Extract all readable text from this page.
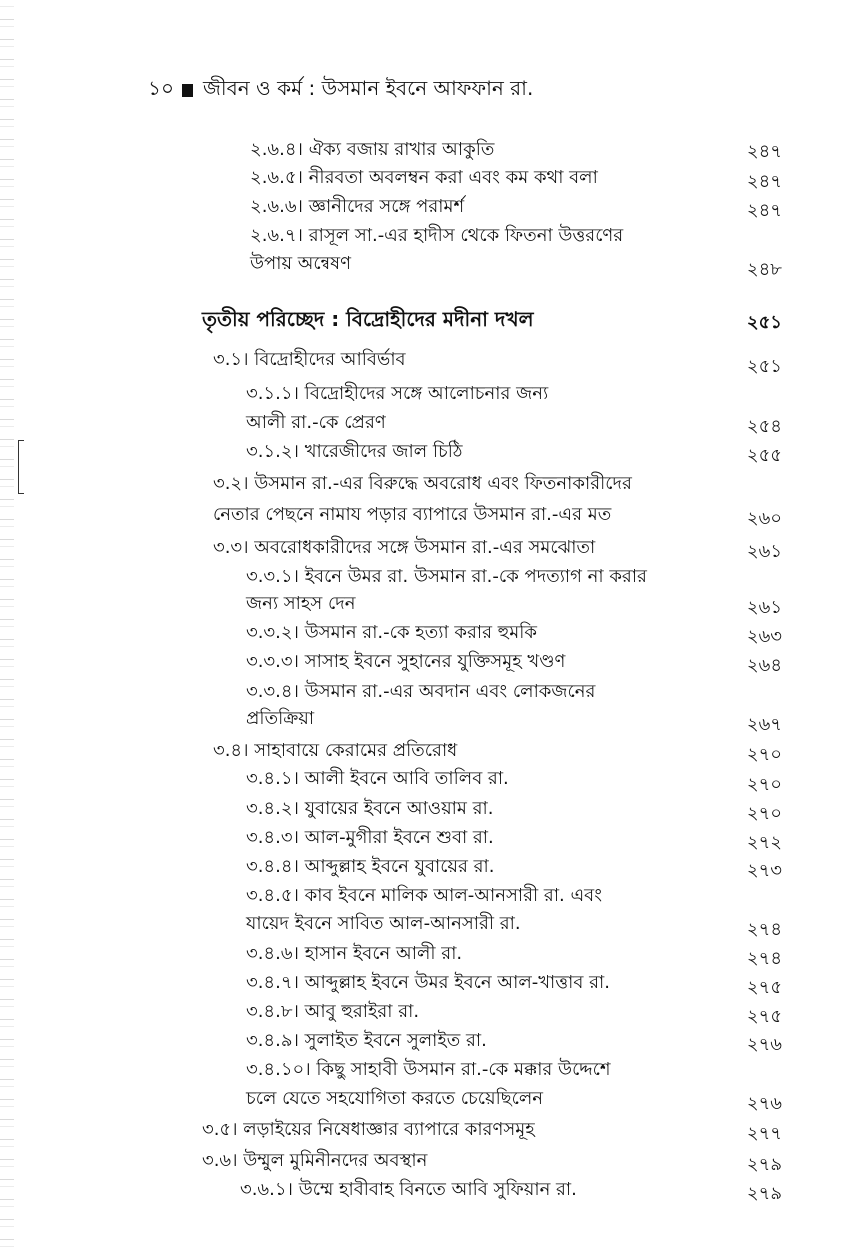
১০ জীবন ও কর্ম : উসমান ইবনে আফফান রা.
২.৬.৪। ঐক্য বজায় রাখার আকুতি	২৪৭
২.৬.৫। নীরবতা অবলম্বন করা এবং কম কথা বলা	২৪৭
২.৬.৬। জ্ঞানীদের সঙ্গে পরামর্শ	২৪৭
২.৬.৭। রাসূল সা.-এর হাদীস থেকে ফিতনা উত্তরণের
উপায় অন্বেষণ	২৪৮
তৃতীয় পরিচ্ছেদ : বিদ্রোহীদের মদীনা দখল	২৫১
৩.১। বিদ্রোহীদের আবির্ভাব	২৫১
৩.১.১। বিদ্রোহীদের সঙ্গে আলোচনার জন্য
আলী রা.-কে প্রেরণ	২৫৪
৩.১.২। খারেজীদের জাল চিঠি	২৫৫
৩.২। উসমান রা.-এর বিরুদ্ধে অবরোধ এবং ফিতনাকারীদের
নেতার পেছনে নামায পড়ার ব্যাপারে উসমান রা.-এর মত	২৬০
৩.৩। অবরোধকারীদের সঙ্গে উসমান রা.-এর সমঝোতা	২৬১
৩.৩.১। ইবনে উমর রা. উসমান রা.-কে পদত্যাগ না করার
জন্য সাহস দেন	২৬১
৩.৩.২। উসমান রা.-কে হত্যা করার হুমকি	২৬৩
৩.৩.৩। সাসাহ ইবনে সুহানের যুক্তিসমূহ খণ্ডণ	২৬৪
৩.৩.৪। উসমান রা.-এর অবদান এবং লোকজনের
প্রতিক্রিয়া	২৬৭
৩.৪। সাহাবায়ে কেরামের প্রতিরোধ	২৭০
৩.৪.১। আলী ইবনে আবি তালিব রা.	২৭০
৩.৪.২। যুবায়ের ইবনে আওয়াম রা.	২৭০
৩.৪.৩। আল-মুগীরা ইবনে শুবা রা.	২৭২
৩.৪.৪। আব্দুল্লাহ ইবনে যুবায়ের রা.	২৭৩
৩.৪.৫। কাব ইবনে মালিক আল-আনসারী রা. এবং
যায়েদ ইবনে সাবিত আল-আনসারী রা.	২৭৪
৩.৪.৬। হাসান ইবনে আলী রা.	২৭৪
৩.৪.৭। আব্দুল্লাহ ইবনে উমর ইবনে আল-খাত্তাব রা.	২৭৫
৩.৪.৮। আবু হুরাইরা রা.	২৭৫
৩.৪.৯। সুলাইত ইবনে সুলাইত রা.	২৭৬
৩.৪.১০। কিছু সাহাবী উসমান রা.-কে মক্কার উদ্দেশে
চলে যেতে সহযোগিতা করতে চেয়েছিলেন	২৭৬
৩.৫। লড়াইয়ের নিষেধাজ্ঞার ব্যাপারে কারণসমূহ	২৭৭
৩.৬। উম্মুল মুমিনীনদের অবস্থান	২৭৯
৩.৬.১। উম্মে হাবীবাহ বিনতে আবি সুফিয়ান রা.	২৭৯
